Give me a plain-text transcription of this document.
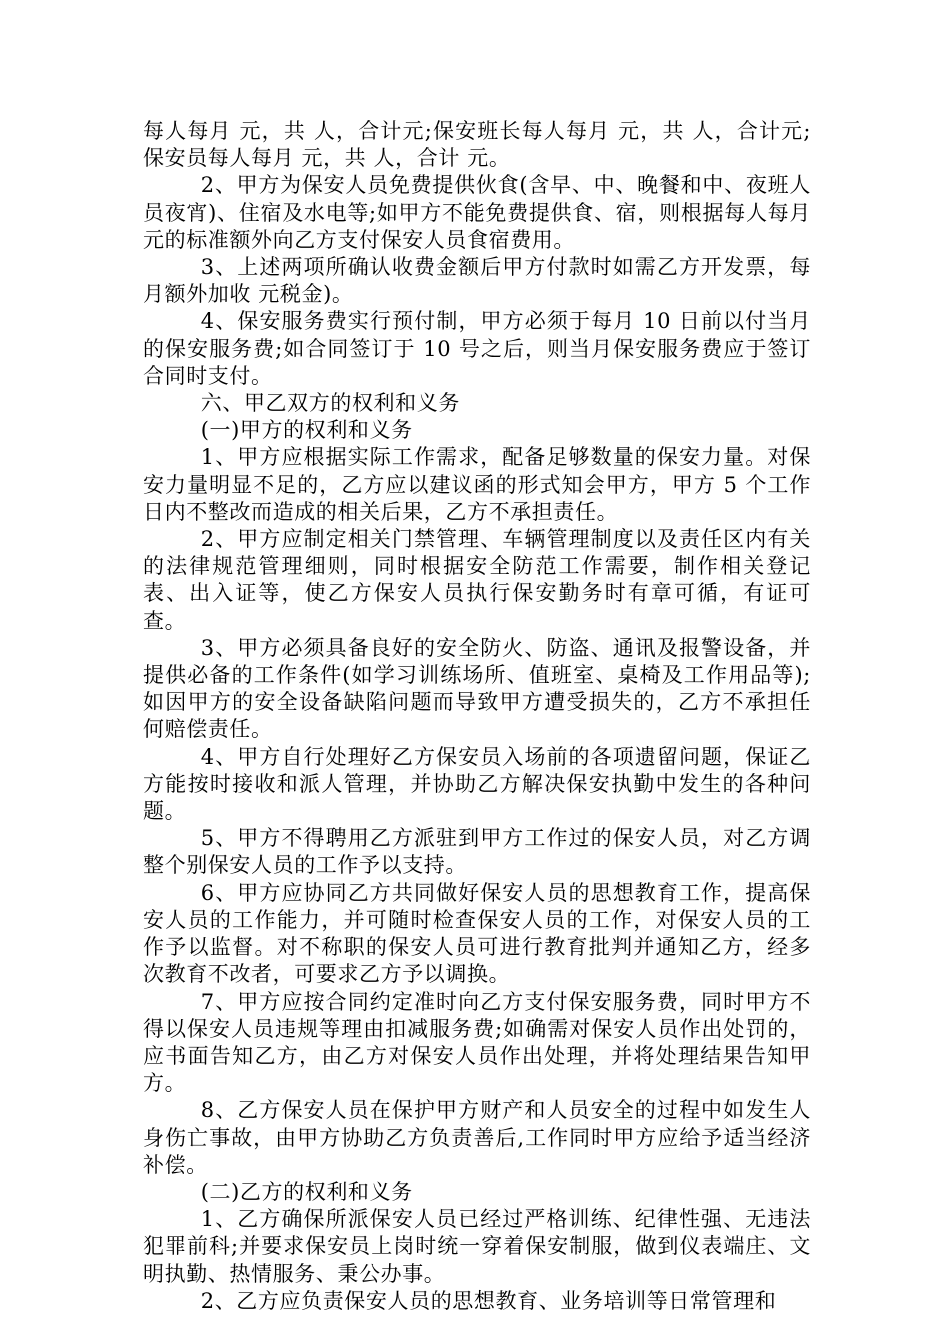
每人每月 元，共 人，合计元;保安班长每人每月 元，共 人，合计元;保安员每人每月 元，共 人，合计 元。

2、甲方为保安人员免费提供伙食(含早、中、晚餐和中、夜班人员夜宵)、住宿及水电等;如甲方不能免费提供食、宿，则根据每人每月元的标准额外向乙方支付保安人员食宿费用。

3、上述两项所确认收费金额后甲方付款时如需乙方开发票，每月额外加收 元税金)。

4、保安服务费实行预付制，甲方必须于每月 10 日前以付当月的保安服务费;如合同签订于 10 号之后，则当月保安服务费应于签订合同时支付。

六、甲乙双方的权利和义务

(一)甲方的权利和义务

1、甲方应根据实际工作需求，配备足够数量的保安力量。对保安力量明显不足的，乙方应以建议函的形式知会甲方，甲方 5 个工作日内不整改而造成的相关后果，乙方不承担责任。

2、甲方应制定相关门禁管理、车辆管理制度以及责任区内有关的法律规范管理细则，同时根据安全防范工作需要，制作相关登记表、出入证等，使乙方保安人员执行保安勤务时有章可循，有证可查。

3、甲方必须具备良好的安全防火、防盗、通讯及报警设备，并提供必备的工作条件(如学习训练场所、值班室、桌椅及工作用品等);如因甲方的安全设备缺陷问题而导致甲方遭受损失的，乙方不承担任何赔偿责任。

4、甲方自行处理好乙方保安员入场前的各项遗留问题，保证乙方能按时接收和派人管理，并协助乙方解决保安执勤中发生的各种问题。

5、甲方不得聘用乙方派驻到甲方工作过的保安人员，对乙方调整个别保安人员的工作予以支持。

6、甲方应协同乙方共同做好保安人员的思想教育工作，提高保安人员的工作能力，并可随时检查保安人员的工作，对保安人员的工作予以监督。对不称职的保安人员可进行教育批判并通知乙方，经多次教育不改者，可要求乙方予以调换。

7、甲方应按合同约定准时向乙方支付保安服务费，同时甲方不得以保安人员违规等理由扣减服务费;如确需对保安人员作出处罚的，应书面告知乙方，由乙方对保安人员作出处理，并将处理结果告知甲方。

8、乙方保安人员在保护甲方财产和人员安全的过程中如发生人身伤亡事故，由甲方协助乙方负责善后,工作同时甲方应给予适当经济补偿。

(二)乙方的权利和义务

1、乙方确保所派保安人员已经过严格训练、纪律性强、无违法犯罪前科;并要求保安员上岗时统一穿着保安制服，做到仪表端庄、文明执勤、热情服务、秉公办事。

2、乙方应负责保安人员的思想教育、业务培训等日常管理和
